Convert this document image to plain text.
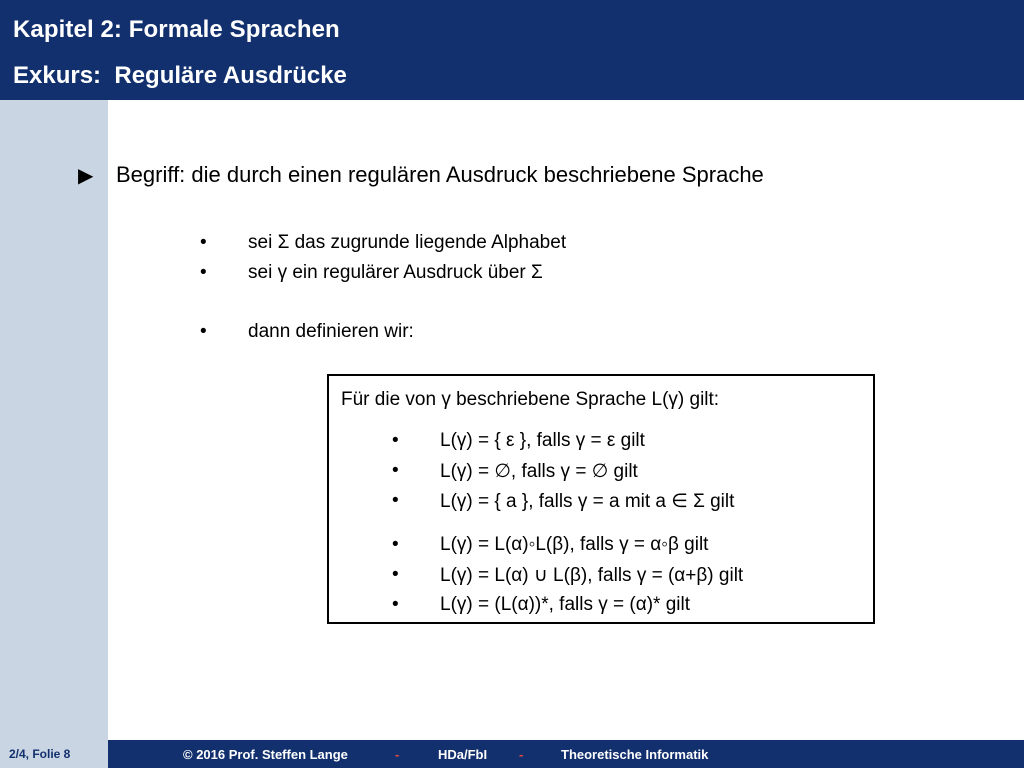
Kapitel 2: Formale Sprachen
Exkurs:  Reguläre Ausdrücke
▶ Begriff: die durch einen regulären Ausdruck beschriebene Sprache
• sei Σ das zugrunde liegende Alphabet
• sei γ ein regulärer Ausdruck über Σ
• dann definieren wir:
Für die von γ beschriebene Sprache L(γ) gilt:
• L(γ) = { ε }, falls γ = ε gilt
• L(γ) = ∅, falls γ = ∅ gilt
• L(γ) = { a }, falls γ = a mit a ∈ Σ gilt
• L(γ) = L(α)◦L(β), falls γ = α◦β gilt
• L(γ) = L(α) ∪ L(β), falls γ = (α+β) gilt
• L(γ) = (L(α))*, falls γ = (α)* gilt
2/4, Folie 8	© 2016 Prof. Steffen Lange	-	HDa/FbI -	Theoretische Informatik
